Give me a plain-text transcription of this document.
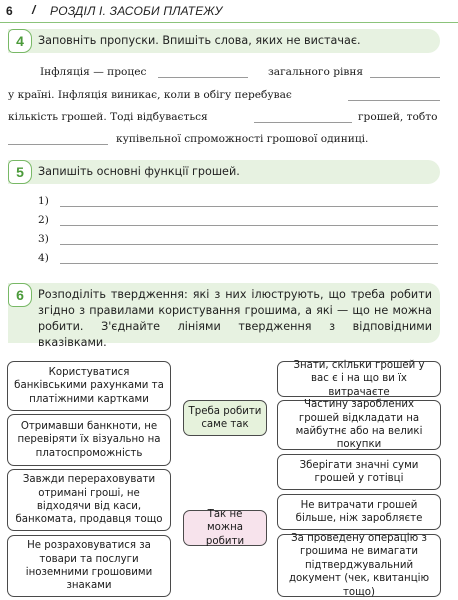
6 / РОЗДІЛ І. ЗАСОБИ ПЛАТЕЖУ
4	Заповніть пропуски. Впишіть слова, яких не вистачає.
Інфляція — процес	загального рівня
у країні. Інфляція виникає, коли в обігу перебуває
кількість грошей. Тоді відбувається	грошей, тобто
купівельної спроможності грошової одиниці.
5	Запишіть основні функції грошей.
1)
2)
3)
4)
6	Розподіліть твердження: які з них ілюструють, що треба робити згідно з правилами користування грошима, а які — що не можна робити. З'єднайте лініями твердження з відповідними вказівками.
Користуватися банківськими рахунками та платіжними картками
Отримавши банкноти, не перевіряти їх візуально на платоспроможність
Завжди перераховувати отримані гроші, не відходячи від каси, банкомата, продавця тощо
Не розраховуватися за товари та послуги іноземними грошовими знаками
Треба робити саме так
Так не можна робити
Знати, скільки грошей у вас є і на що ви їх витрачаєте
Частину зароблених грошей відкладати на майбутнє або на великі покупки
Зберігати значні суми грошей у готівці
Не витрачати грошей більше, ніж заробляєте
За проведену операцію з грошима не вимагати підтверджувальний документ (чек, квитанцію тощо)
